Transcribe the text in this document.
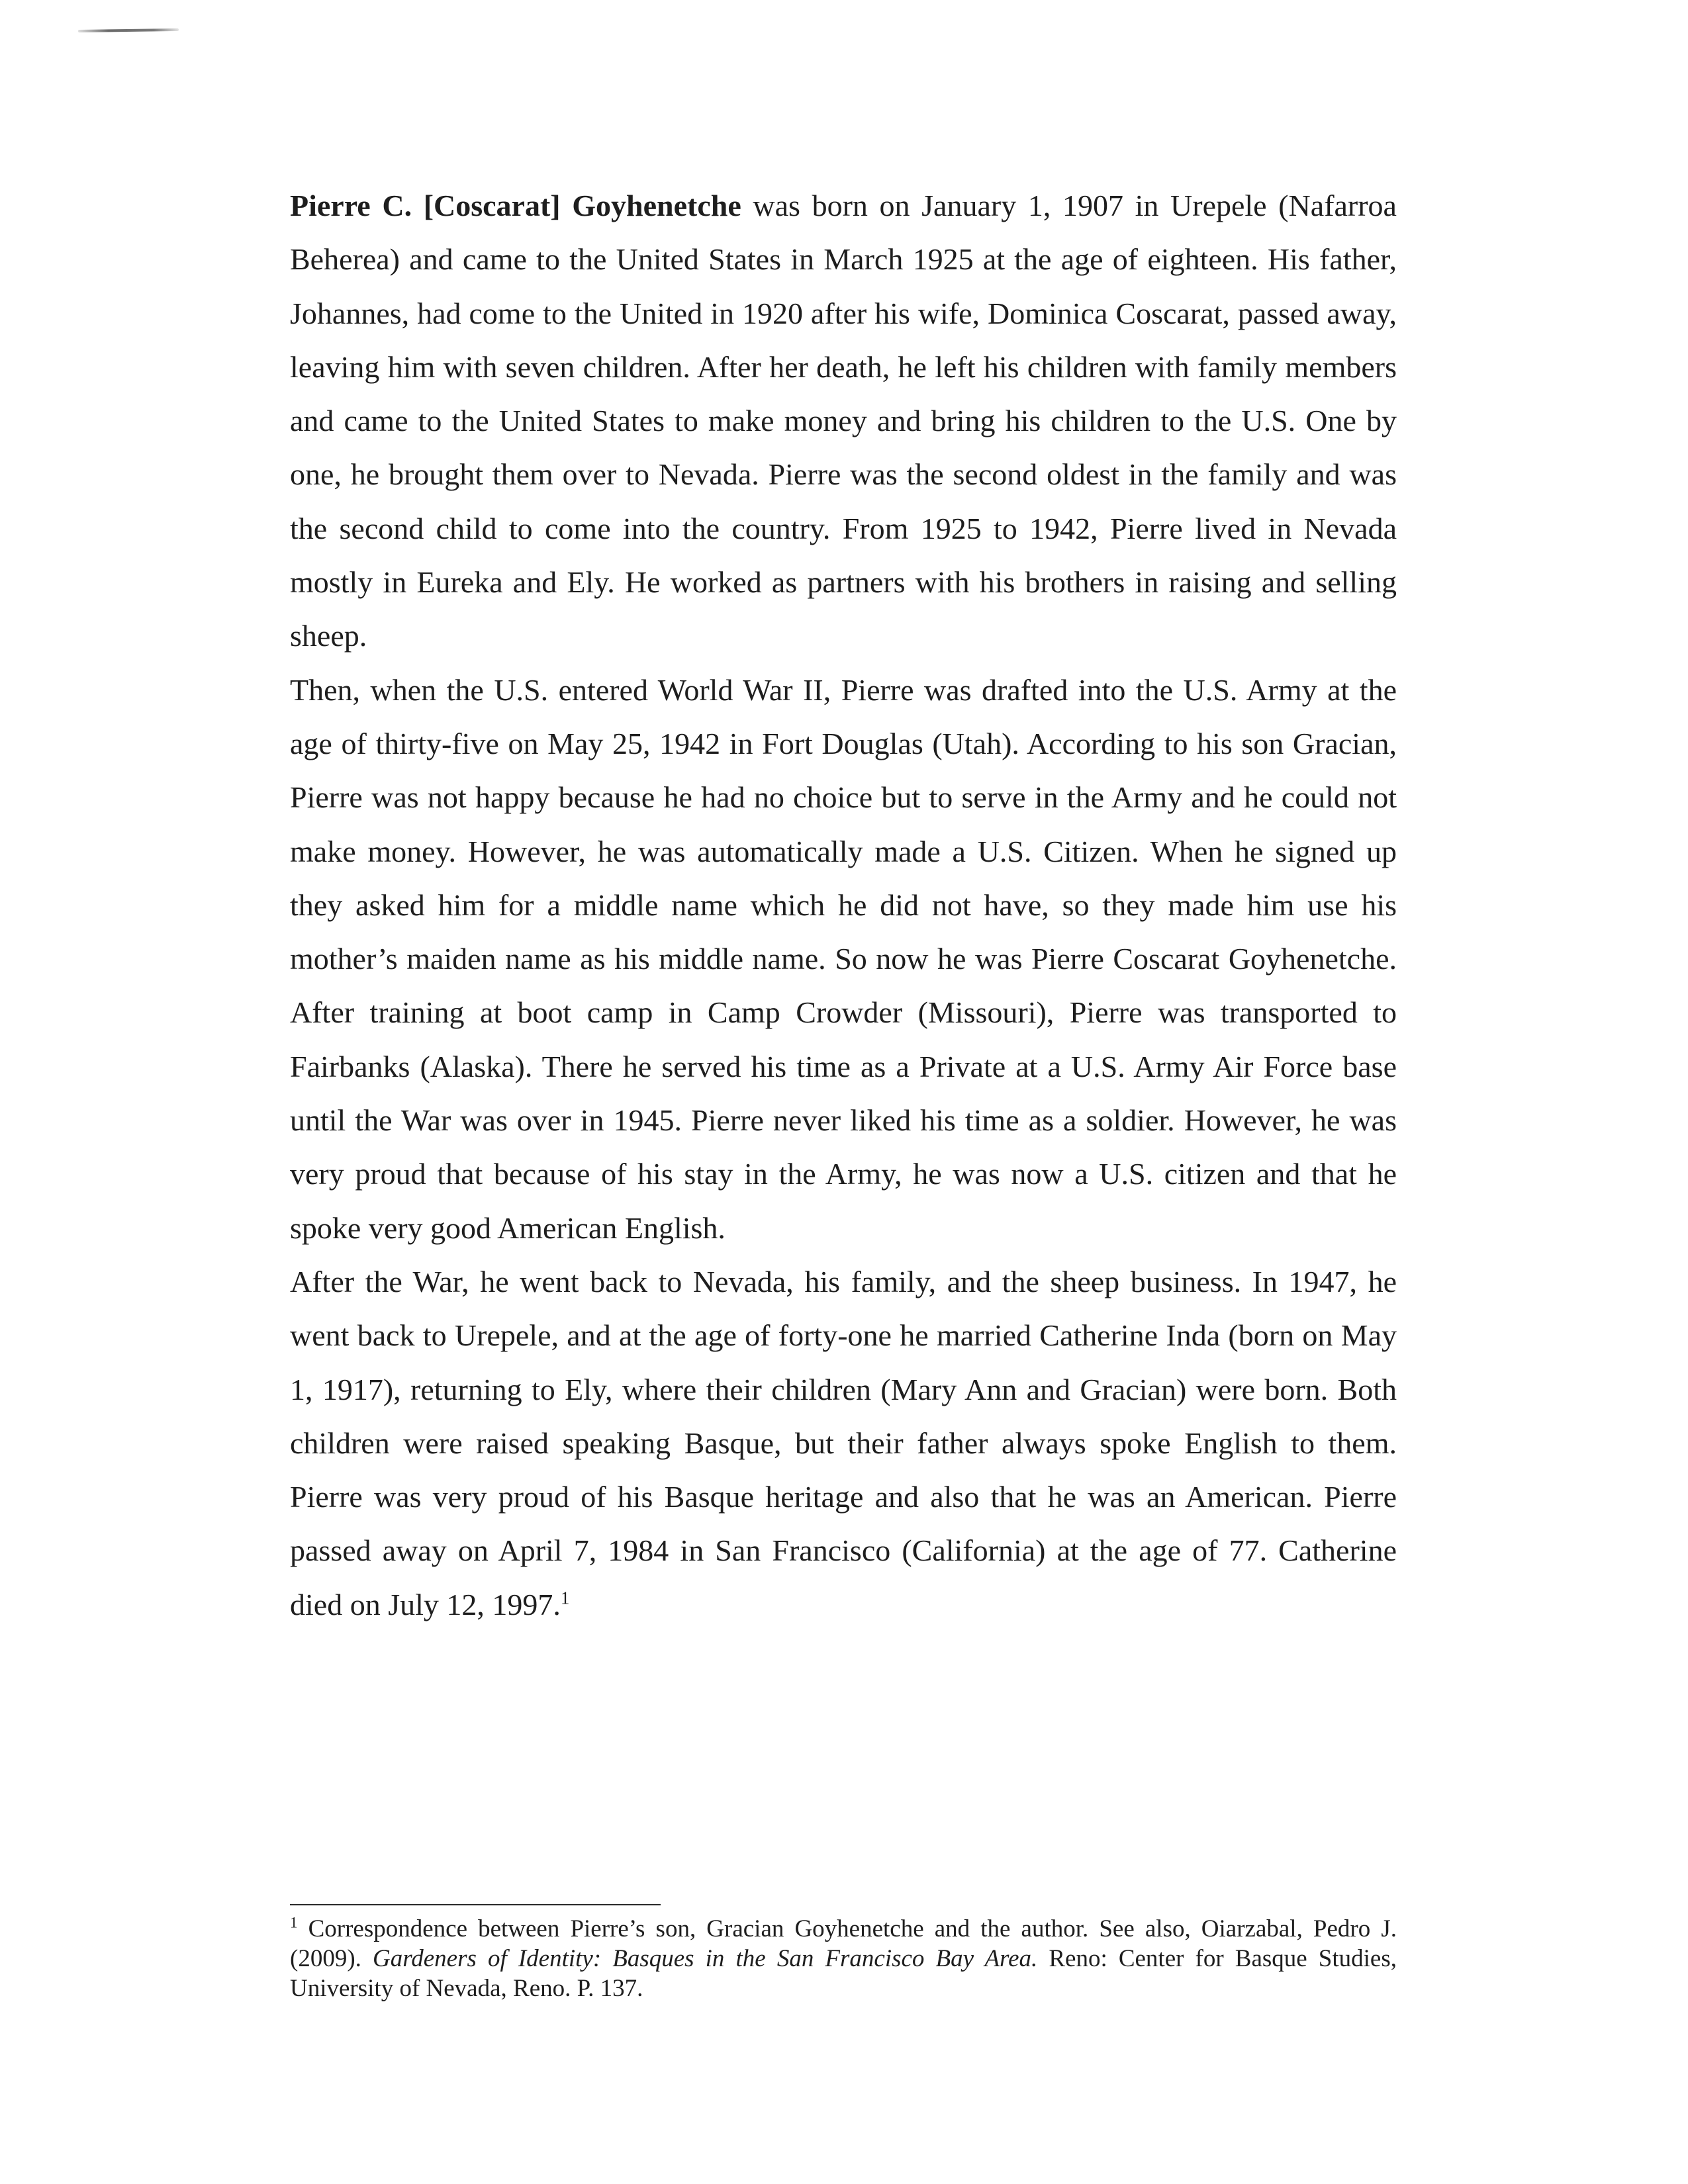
Pierre C. [Coscarat] Goyhenetche was born on January 1, 1907 in Urepele (Nafarroa Beherea) and came to the United States in March 1925 at the age of eighteen. His father, Johannes, had come to the United in 1920 after his wife, Dominica Coscarat, passed away, leaving him with seven children. After her death, he left his children with family members and came to the United States to make money and bring his children to the U.S. One by one, he brought them over to Nevada. Pierre was the second oldest in the family and was the second child to come into the country. From 1925 to 1942, Pierre lived in Nevada mostly in Eureka and Ely. He worked as partners with his brothers in raising and selling sheep.

Then, when the U.S. entered World War II, Pierre was drafted into the U.S. Army at the age of thirty-five on May 25, 1942 in Fort Douglas (Utah). According to his son Gracian, Pierre was not happy because he had no choice but to serve in the Army and he could not make money. However, he was automatically made a U.S. Citizen. When he signed up they asked him for a middle name which he did not have, so they made him use his mother’s maiden name as his middle name. So now he was Pierre Coscarat Goyhenetche. After training at boot camp in Camp Crowder (Missouri), Pierre was transported to Fairbanks (Alaska). There he served his time as a Private at a U.S. Army Air Force base until the War was over in 1945. Pierre never liked his time as a soldier. However, he was very proud that because of his stay in the Army, he was now a U.S. citizen and that he spoke very good American English.

After the War, he went back to Nevada, his family, and the sheep business. In 1947, he went back to Urepele, and at the age of forty-one he married Catherine Inda (born on May 1, 1917), returning to Ely, where their children (Mary Ann and Gracian) were born. Both children were raised speaking Basque, but their father always spoke English to them. Pierre was very proud of his Basque heritage and also that he was an American. Pierre passed away on April 7, 1984 in San Francisco (California) at the age of 77. Catherine died on July 12, 1997.$^1$

$^1$ Correspondence between Pierre’s son, Gracian Goyhenetche and the author. See also, Oiarzabal, Pedro J. (2009). Gardeners of Identity: Basques in the San Francisco Bay Area. Reno: Center for Basque Studies, University of Nevada, Reno. P. 137.
